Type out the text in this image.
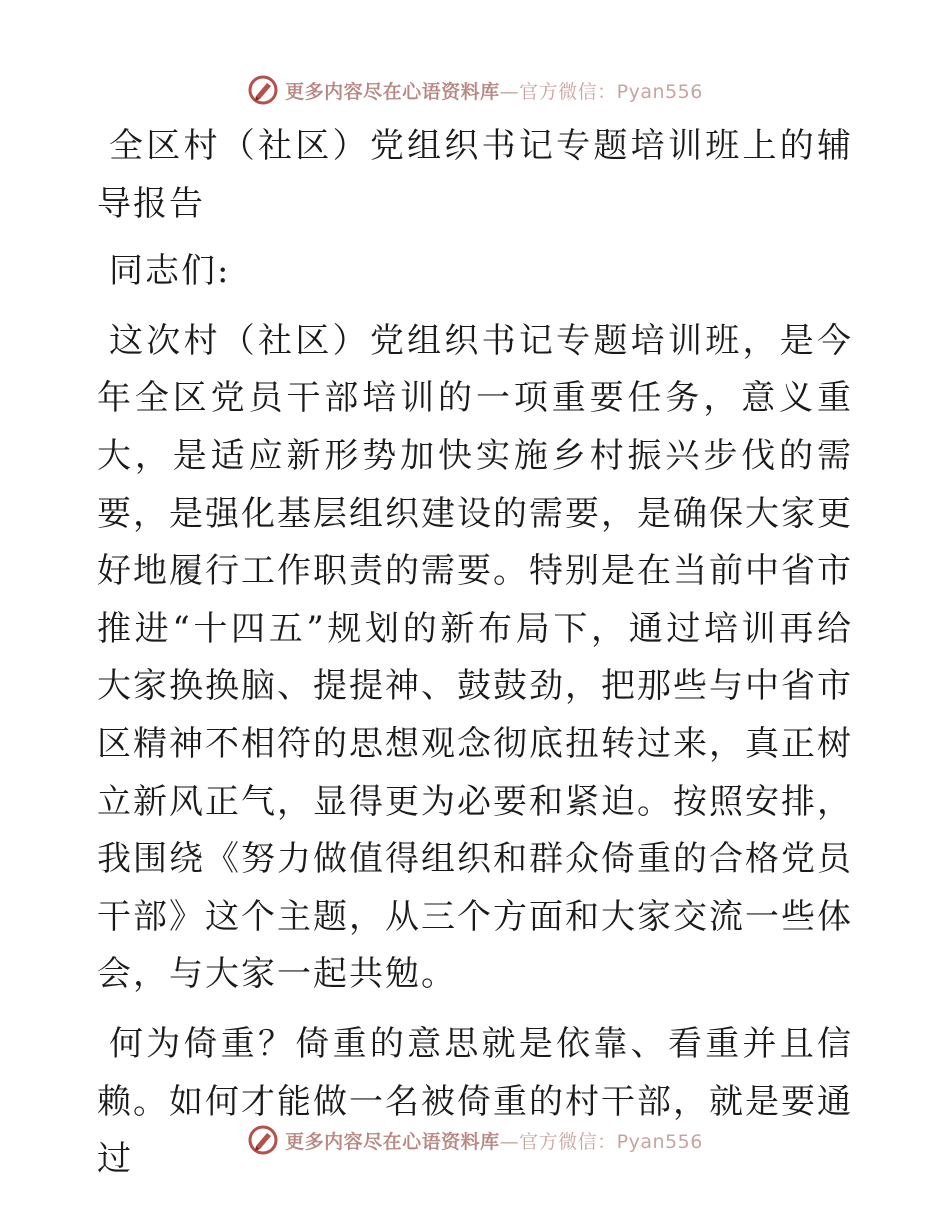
更多内容尽在心语资料库—官方微信：Pyan556

全区村（社区）党组织书记专题培训班上的辅导报告

同志们:

这次村（社区）党组织书记专题培训班，是今年全区党员干部培训的一项重要任务，意义重大，是适应新形势加快实施乡村振兴步伐的需要，是强化基层组织建设的需要，是确保大家更好地履行工作职责的需要。特别是在当前中省市推进“十四五”规划的新布局下，通过培训再给大家换换脑、提提神、鼓鼓劲，把那些与中省市区精神不相符的思想观念彻底扭转过来，真正树立新风正气，显得更为必要和紧迫。按照安排，我围绕《努力做值得组织和群众倚重的合格党员干部》这个主题，从三个方面和大家交流一些体会，与大家一起共勉。

何为倚重？倚重的意思就是依靠、看重并且信赖。如何才能做一名被倚重的村干部，就是要通过	更多内容尽在心语资料库—官方微信：Pyan556
